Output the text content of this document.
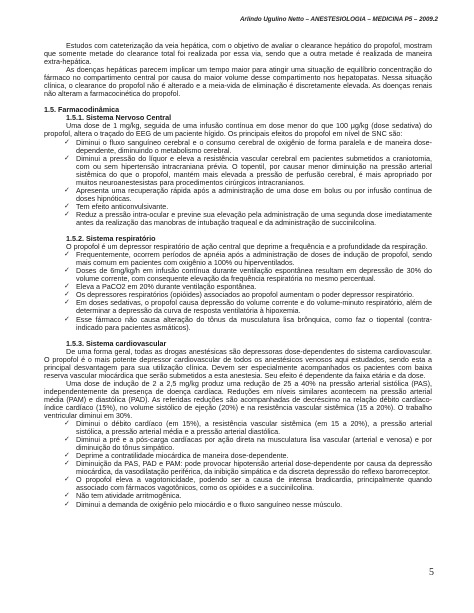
Arlindo Ugulino Netto – ANESTESIOLOGIA – MEDICINA P5 – 2009.2

Estudos com cateterização da veia hepática, com o objetivo de avaliar o clearance hepático do propofol, mostram que somente metade do clearance total foi realizada por essa via, sendo que a outra metade é realizada de maneira extra-hepática.

As doenças hepáticas parecem implicar um tempo maior para atingir uma situação de equilíbrio concentração do fármaco no compartimento central por causa do maior volume desse compartimento nos hepatopatas. Nessa situação clínica, o clearance do propofol não é alterado e a meia-vida de eliminação é discretamente elevada. As doenças renais não alteram a farmacocinética do propofol.

1.5. Farmacodinâmica

1.5.1. Sistema Nervoso Central

Uma dose de 1 mg/kg, seguida de uma infusão contínua em dose menor do que 100 μg/kg (dose sedativa) do propofol, altera o traçado do EEG de um paciente hígido. Os principais efeitos do propofol em nível de SNC são:

✓ Diminui o fluxo sanguíneo cerebral e o consumo cerebral de oxigênio de forma paralela e de maneira dose-dependente, diminuindo o metabolismo cerebral.
✓ Diminui a pressão do líquor e eleva a resistência vascular cerebral em pacientes submetidos a craniotomia, com ou sem hipertensão intracraniana prévia. O topentil, por causar menor diminuição na pressão arterial sistêmica do que o propofol, mantém mais elevada a pressão de perfusão cerebral, é mais apropriado por muitos neuroanestesistas para procedimentos cirúrgicos intracranianos.
✓ Apresenta uma recuperação rápida após a administração de uma dose em bolus ou por infusão contínua de doses hipnóticas.
✓ Tem efeito anticonvulsivante.
✓ Reduz a pressão intra-ocular e previne sua elevação pela administração de uma segunda dose imediatamente antes da realização das manobras de intubação traqueal e da administração de succinilcolina.

1.5.2. Sistema respiratório

O propofol é um depressor respiratório de ação central que deprime a frequência e a profundidade da respiração.

✓ Frequentemente, ocorrem períodos de apnéia após a administração de doses de indução de propofol, sendo mais comum em pacientes com oxigênio a 100% ou hiperventilados.
✓ Doses de 6mg/kg/h em infusão contínua durante ventilação espontânea resultam em depressão de 30% do volume corrente, com consequente elevação da frequência respiratória no mesmo percentual.
✓ Eleva a PaCO2 em 20% durante ventilação espontânea.
✓ Os depressores respiratórios (opióides) associados ao propofol aumentam o poder depressor respiratório.
✓ Em doses sedativas, o propofol causa depressão do volume corrente e do volume-minuto respiratório, além de determinar a depressão da curva de resposta ventilatória à hipoxemia.
✓ Esse fármaco não causa alteração do tônus da musculatura lisa brônquica, como faz o tiopental (contra-indicado para pacientes asmáticos).

1.5.3. Sistema cardiovascular

De uma forma geral, todas as drogas anestésicas são depressoras dose-dependentes do sistema cardiovascular. O propofol é o mais potente depressor cardiovascular de todos os anestésicos venosos aqui estudados, sendo esta a principal desvantagem para sua utilização clínica. Devem ser especialmente acompanhados os pacientes com baixa reserva vascular miocárdica que serão submetidos a esta anestesia. Seu efeito é dependente da faixa etária e da dose.

Uma dose de indução de 2 a 2,5 mg/kg produz uma redução de 25 a 40% na pressão arterial sistólica (PAS), independentemente da presença de doença cardíaca. Reduções em níveis similares acontecem na pressão arterial média (PAM) e diastólica (PAD). As referidas reduções são acompanhadas de decréscimo na relação débito cardíaco-índice cardíaco (15%), no volume sistólico de ejeção (20%) e na resistência vascular sistêmica (15 a 20%). O trabalho ventricular diminui em 30%.

✓ Diminui o débito cardíaco (em 15%), a resistência vascular sistêmica (em 15 a 20%), a pressão arterial sistólica, a pressão arterial média e a pressão arterial diastólica.
✓ Diminui a pré e a pós-carga cardíacas por ação direta na musculatura lisa vascular (arterial e venosa) e por diminuição do tônus simpático.
✓ Deprime a contratilidade miocárdica de maneira dose-dependente.
✓ Diminuição da PAS, PAD e PAM: pode provocar hipotensão arterial dose-dependente por causa da depressão miocárdica, da vasodilatação periférica, da inibição simpática e da discreta depressão do reflexo barorreceptor.
✓ O propofol eleva a vagotonicidade, podendo ser a causa de intensa bradicardia, principalmente quando associado com fármacos vagotônicos, como os opióides e a succinilcolina.
✓ Não tem atividade arritmogênica.
✓ Diminui a demanda de oxigênio pelo miocárdio e o fluxo sanguíneo nesse músculo.
5
